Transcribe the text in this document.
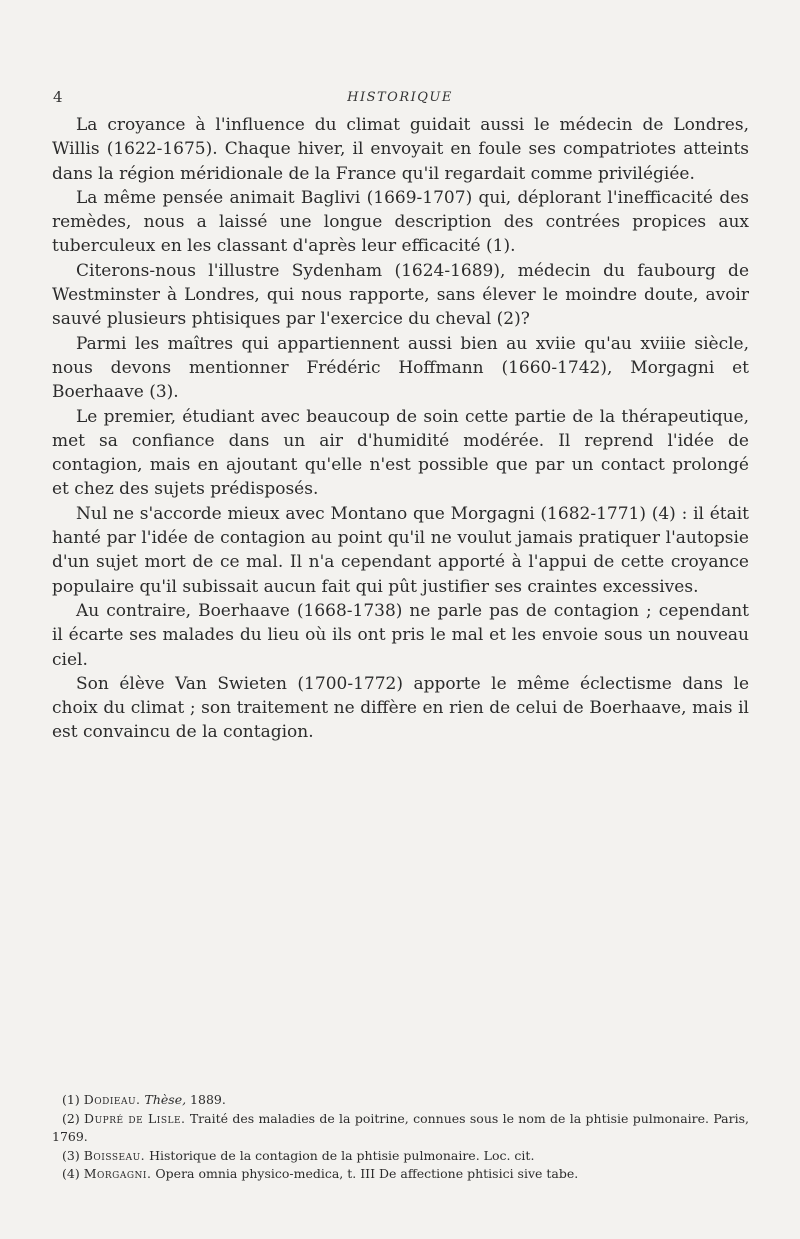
4	HISTORIQUE

La croyance à l'influence du climat guidait aussi le médecin de Londres, Willis (1622-1675). Chaque hiver, il envoyait en foule ses compatriotes atteints dans la région méridionale de la France qu'il regardait comme privilégiée.

La même pensée animait Baglivi (1669-1707) qui, déplorant l'inefficacité des remèdes, nous a laissé une longue description des contrées propices aux tuberculeux en les classant d'après leur efficacité (1).

Citerons-nous l'illustre Sydenham (1624-1689), médecin du faubourg de Westminster à Londres, qui nous rapporte, sans élever le moindre doute, avoir sauvé plusieurs phtisiques par l'exercice du cheval (2)?

Parmi les maîtres qui appartiennent aussi bien au xviie qu'au xviiie siècle, nous devons mentionner Frédéric Hoffmann (1660-1742), Morgagni et Boerhaave (3).

Le premier, étudiant avec beaucoup de soin cette partie de la thérapeutique, met sa confiance dans un air d'humidité modérée. Il reprend l'idée de contagion, mais en ajoutant qu'elle n'est possible que par un contact prolongé et chez des sujets prédisposés.

Nul ne s'accorde mieux avec Montano que Morgagni (1682-1771) (4) : il était hanté par l'idée de contagion au point qu'il ne voulut jamais pratiquer l'autopsie d'un sujet mort de ce mal. Il n'a cependant apporté à l'appui de cette croyance populaire qu'il subissait aucun fait qui pût justifier ses craintes excessives.

Au contraire, Boerhaave (1668-1738) ne parle pas de contagion ; cependant il écarte ses malades du lieu où ils ont pris le mal et les envoie sous un nouveau ciel.

Son élève Van Swieten (1700-1772) apporte le même éclectisme dans le choix du climat ; son traitement ne diffère en rien de celui de Boerhaave, mais il est convaincu de la contagion.

(1) Dodieau. Thèse, 1889.

(2) Dupré de Lisle. Traité des maladies de la poitrine, connues sous le nom de la phtisie pulmonaire. Paris, 1769.

(3) Boisseau. Historique de la contagion de la phtisie pulmonaire. Loc. cit.

(4) Morgagni. Opera omnia physico-medica, t. III De affectione phtisici sive tabe.
